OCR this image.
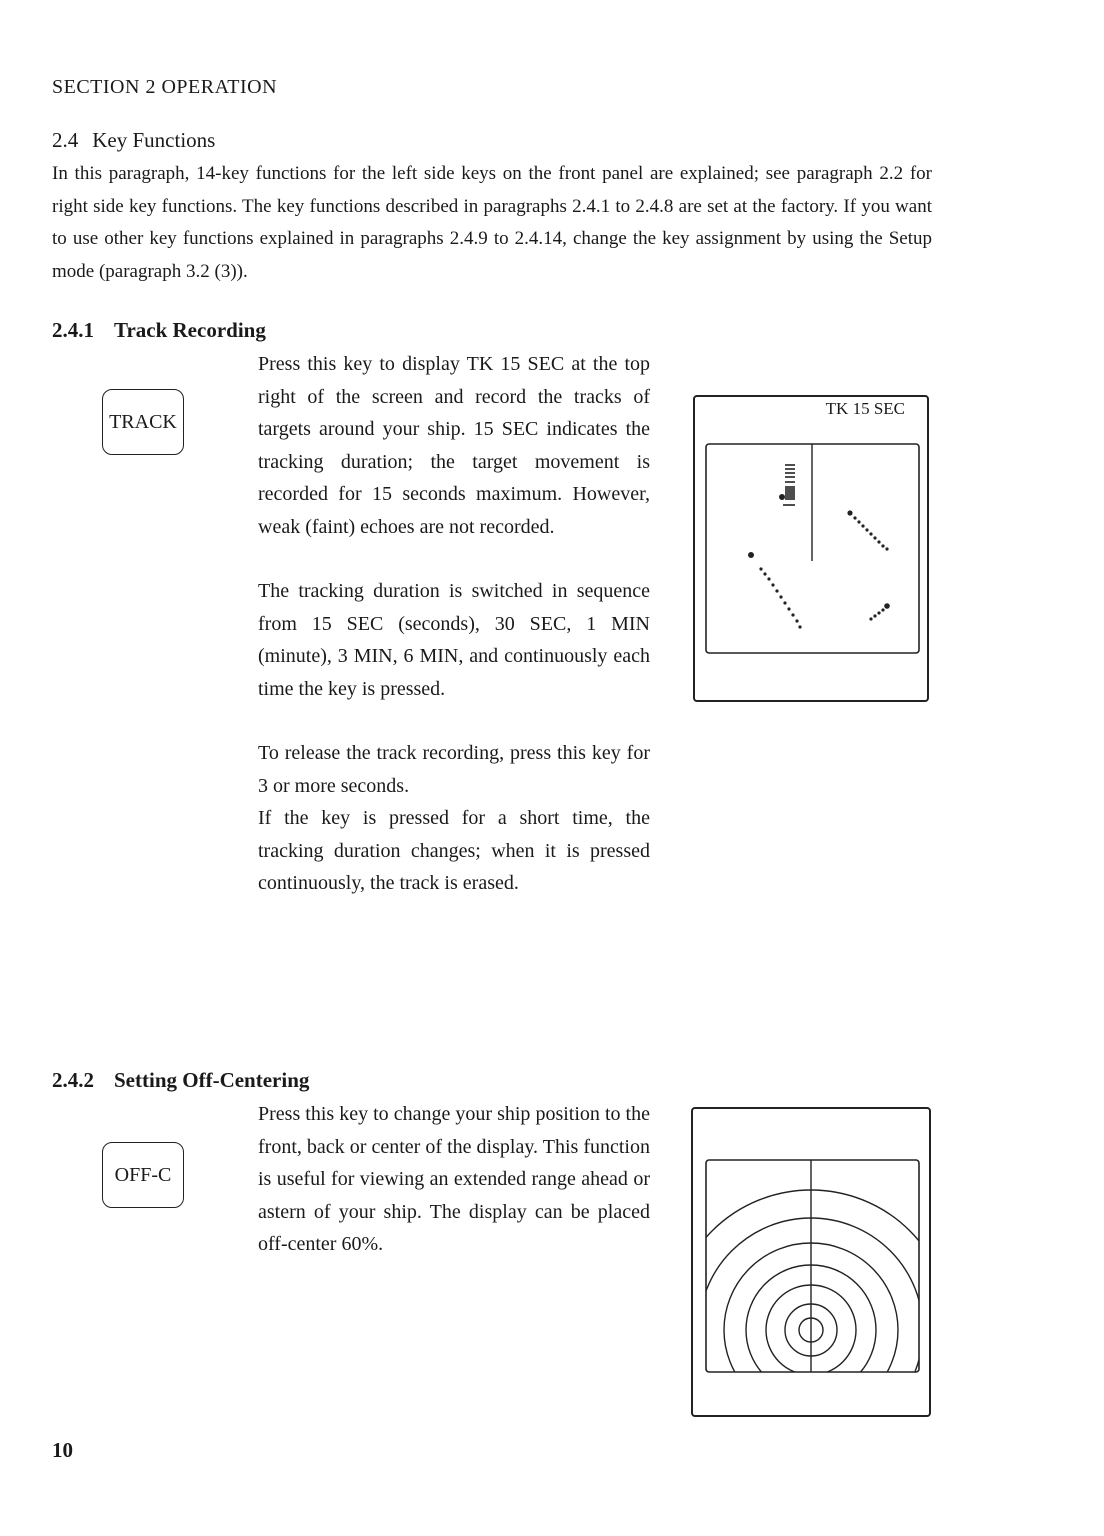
SECTION 2 OPERATION
2.4 Key Functions
In this paragraph, 14-key functions for the left side keys on the front panel are explained; see paragraph 2.2 for right side key functions. The key functions described in paragraphs 2.4.1 to 2.4.8 are set at the factory. If you want to use other key functions explained in paragraphs 2.4.9 to 2.4.14, change the key assignment by using the Setup mode (paragraph 3.2 (3)).
2.4.1 Track Recording
TRACK

Press this key to display TK 15 SEC at the top right of the screen and record the tracks of targets around your ship. 15 SEC indicates the tracking duration; the target movement is recorded for 15 seconds maximum. However, weak (faint) echoes are not recorded.

The tracking duration is switched in sequence from 15 SEC (seconds), 30 SEC, 1 MIN (minute), 3 MIN, 6 MIN, and continuously each time the key is pressed.

To release the track recording, press this key for 3 or more seconds.

If the key is pressed for a short time, the tracking duration changes; when it is pressed continuously, the track is erased.

TK 15 SEC
2.4.2 Setting Off-Centering
OFF-C

Press this key to change your ship position to the front, back or center of the display. This function is useful for viewing an extended range ahead or astern of your ship. The display can be placed off-center 60%.

10
